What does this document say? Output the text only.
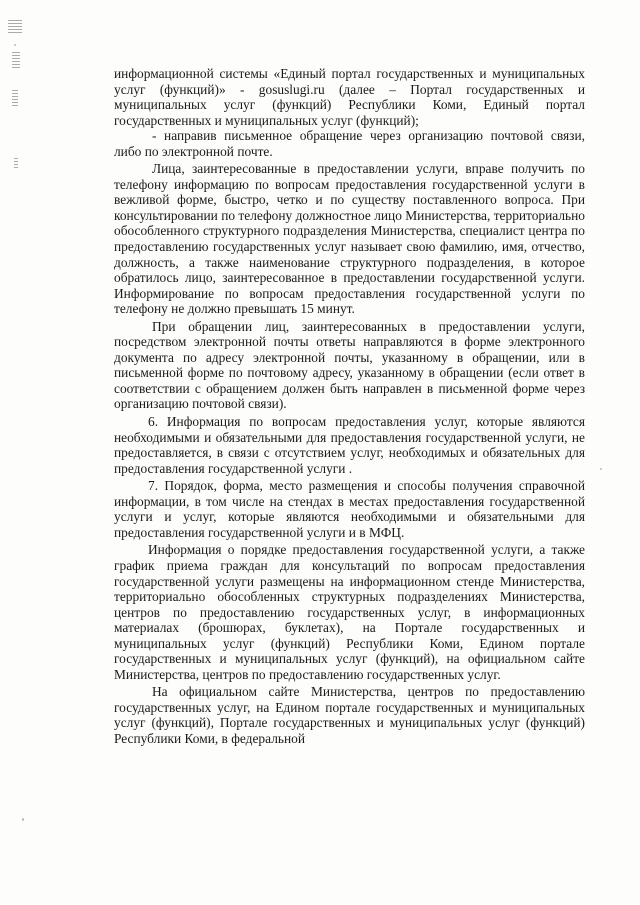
информационной системы «Единый портал государственных и муниципальных услуг (функций)» - gosuslugi.ru (далее – Портал государственных и муниципальных услуг (функций) Республики Коми, Единый портал государственных и муниципальных услуг (функций);

- направив письменное обращение через организацию почтовой связи, либо по электронной почте.

Лица, заинтересованные в предоставлении услуги, вправе получить по телефону информацию по вопросам предоставления государственной услуги в вежливой форме, быстро, четко и по существу поставленного вопроса. При консультировании по телефону должностное лицо Министерства, территориально обособленного структурного подразделения Министерства, специалист центра по предоставлению государственных услуг называет свою фамилию, имя, отчество, должность, а также наименование структурного подразделения, в которое обратилось лицо, заинтересованное в предоставлении государственной услуги. Информирование по вопросам предоставления государственной услуги по телефону не должно превышать 15 минут.

При обращении лиц, заинтересованных в предоставлении услуги, посредством электронной почты ответы направляются в форме электронного документа по адресу электронной почты, указанному в обращении, или в письменной форме по почтовому адресу, указанному в обращении (если ответ в соответствии с обращением должен быть направлен в письменной форме через организацию почтовой связи).

6. Информация по вопросам предоставления услуг, которые являются необходимыми и обязательными для предоставления государственной услуги, не предоставляется, в связи с отсутствием услуг, необходимых и обязательных для предоставления государственной услуги .

7. Порядок, форма, место размещения и способы получения справочной информации, в том числе на стендах в местах предоставления государственной услуги и услуг, которые являются необходимыми и обязательными для предоставления государственной услуги и в МФЦ.

Информация о порядке предоставления государственной услуги, а также график приема граждан для консультаций по вопросам предоставления государственной услуги размещены на информационном стенде Министерства, территориально обособленных структурных подразделениях Министерства, центров по предоставлению государственных услуг, в информационных материалах (брошюрах, буклетах), на Портале государственных и муниципальных услуг (функций) Республики Коми, Едином портале государственных и муниципальных услуг (функций), на официальном сайте Министерства, центров по предоставлению государственных услуг.

На официальном сайте Министерства, центров по предоставлению государственных услуг, на Едином портале государственных и муниципальных услуг (функций), Портале государственных и муниципальных услуг (функций) Республики Коми, в федеральной
